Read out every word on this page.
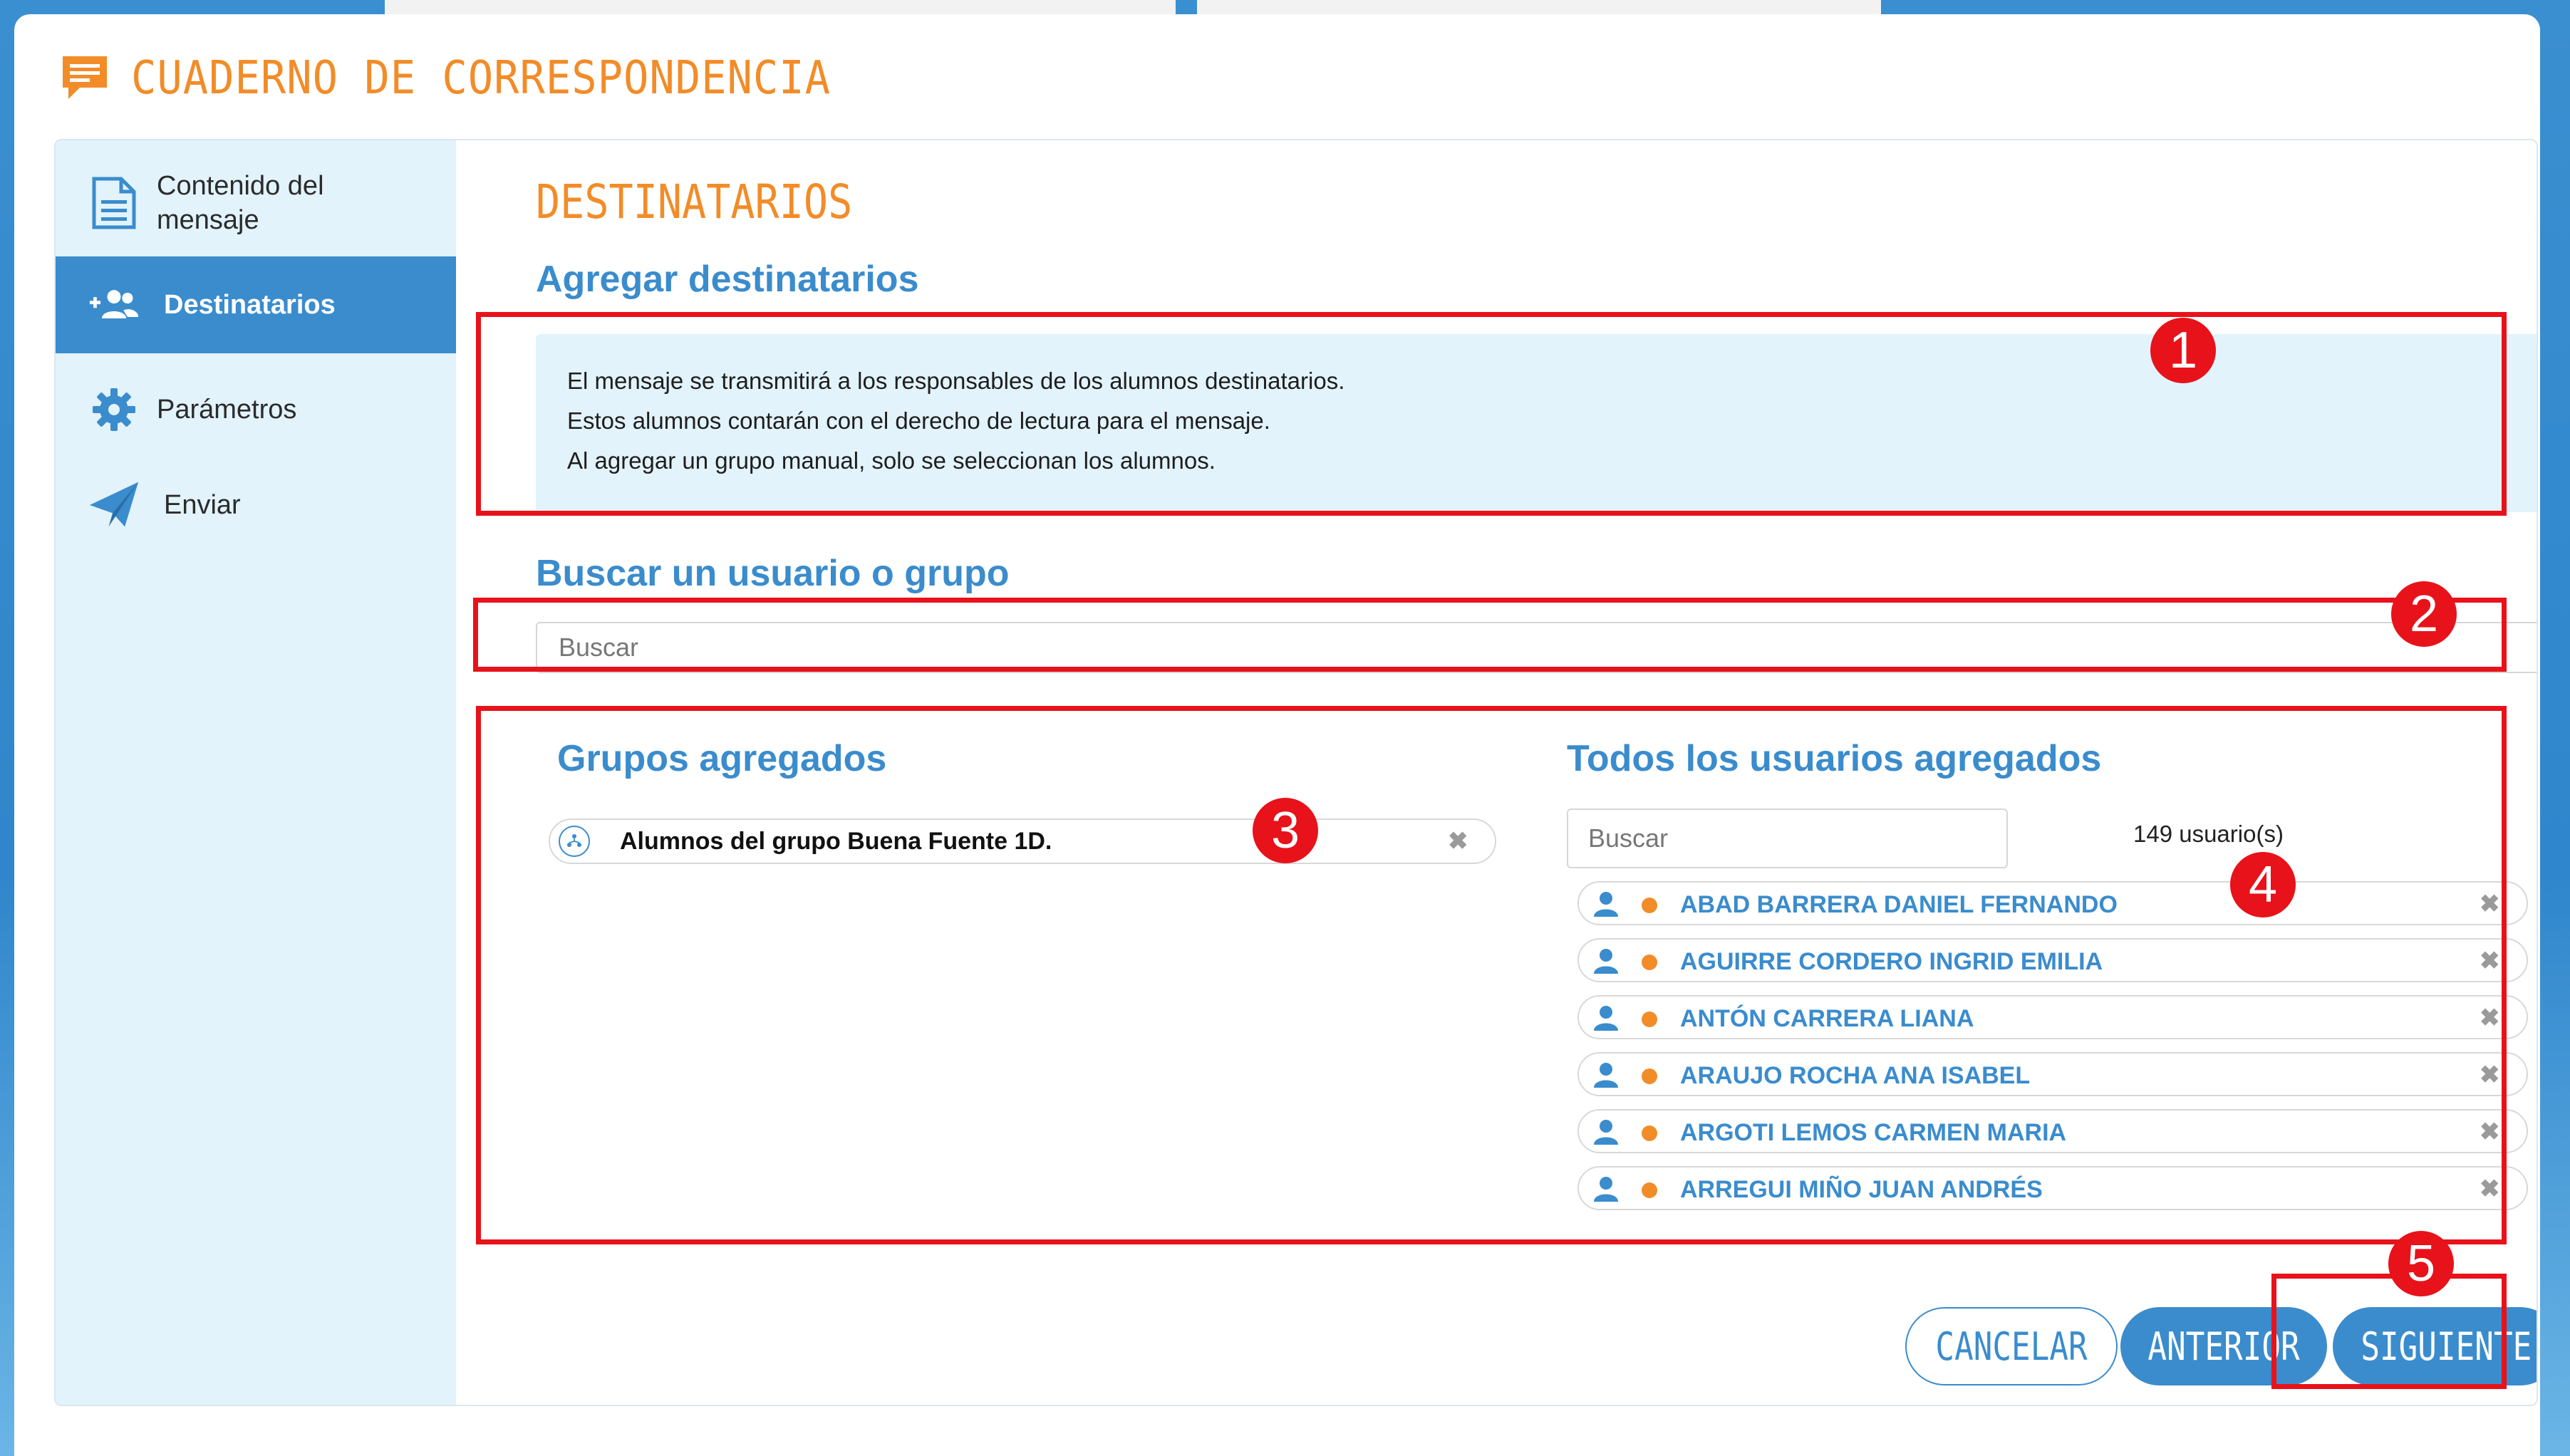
CUADERNO DE CORRESPONDENCIA
Contenido del mensaje
Destinatarios
Parámetros
Enviar
DESTINATARIOS
Agregar destinatarios

El mensaje se transmitirá a los responsables de los alumnos destinatarios.

Estos alumnos contarán con el derecho de lectura para el mensaje.

Al agregar un grupo manual, solo se seleccionan los alumnos.

Buscar un usuario o grupo
Buscar
Grupos agregados
Alumnos del grupo Buena Fuente 1D.	✖
Todos los usuarios agregados
Buscar
149 usuario(s)
ABAD BARRERA DANIEL FERNANDO	✖
AGUIRRE CORDERO INGRID EMILIA	✖
ANTÓN CARRERA LIANA	✖
ARAUJO ROCHA ANA ISABEL	✖
ARGOTI LEMOS CARMEN MARIA	✖
ARREGUI MIÑO JUAN ANDRÉS	✖
CANCELAR ANTERIOR SIGUIENTE
1
2
3
4
5
